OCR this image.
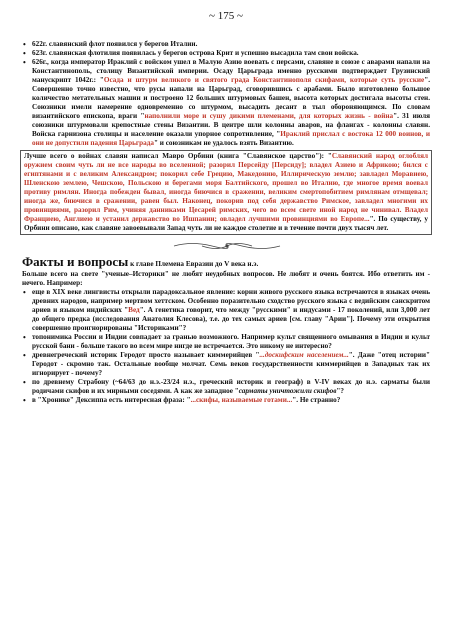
~ 175 ~
• 622г. славянский флот появился у берегов Италии.
• 623г. славянская флотилия появилась у берегов острова Крит и успешно высадила там свои войска.
• 626г., когда император Ираклий с войском ушел в Малую Азию воевать с персами, славяне в союзе с аварами напали на Константинополь, столицу Византийской империи. Осаду Царьграда именно русскими подтверждает Грузинский манускрипт 1042г.: "Осада и штурм великого и святого града Константинополя скифами, которые суть русские". Совершенно точно известно, что русы напали на Царьград, сговорившись с арабами. Было изготовлено большое количество метательных машин и построено 12 больших штурмовых башен, высота которых достигала высоты стен. Союзники имели намерение одновременно со штурмом, высадить десант в тыл обороняющимся. По словам византийского епископа, враги "наполнили море и сушу дикими племенами, для которых жизнь - война". 31 июля союзники штурмовали крепостные стены Византии. В центре шли колонны аваров, на флангах - колонны славян. Войска гарнизона столицы и население оказали упорное сопротивление, "Ираклий прислал с востока 12 000 воинов, и они не допустили падения Царьграда" и союзникам не удалось взять Византию.
Лучше всего о войнах славян написал Мавро Орбини (книга "Славянское царство"): "Славянский народ оглоблял оружием своим чуть ли не все народы во вселенной; разорил Персейду [Персиду]; владел Азиею и Африкою; бился с египтянами и с великим Александром; покорил себе Грецию, Македонию, Иллирическую землю; завладел Моравиею, Шленскою землею, Чешскою, Польскою и берегами моря Балтийского, прошел во Италию, где многое время воевал противу римлян. Иногда побежден бывал, иногда биючися в сражении, великим смертопобитием римлянам отмщевал; иногда же, биючися в сражении, равен был. Наконец, покорив под себя державство Римское, завладел многими их провинциями, разорил Рим, учиняя данниками Цесарей римских, чего во всем свете иной народ не чинивал. Владел Франциею, Англиею и устанил державство во Ишпании; овладел лучшими провинциями во Европе...". По существу, у Орбини описано, как славяне завоевывали Запад чуть ли не каждое столетие и в течение почти двух тысяч лет.
Факты и вопросы к главе Племена Евразии до V века н.э.

Больше всего на свете "ученые–Историки" не любят неудобных вопросов. Не любят и очень боятся. Ибо ответить им - нечего. Например:

• еще в XIX веке лингвисты открыли парадоксальное явление: корни живого русского языка встречаются в языках очень древних народов, например мертвом хеттском. Особенно поразительно сходство русского языка с ведийским санскритом ариев и языком индийских "Вед". А генетика говорит, что между "русскими" и индусами - 17 поколений, или 3,000 лет до общего предка (исследования Анатолия Клесова), т.е. до тех самых ариев [см. главу "Арии"]. Почему эти открытия совершенно проигнорированы "Историками"?
• топонимика России и Индии совпадает за гранью возможного. Например культ священного омывания в Индии и культ русской бани - больше такого во всем мире нигде не встречается. Это никому не интересно?
• древнегреческий историк Геродот просто называет киммерийцев "...доскифским населением...". Даже "отец истории" Геродот - скромно так. Остальные вообще молчат. Семь веков государственности киммерийцев в Западных так их игнорирует - почему?
• по древнему Страбону (~64/63 до н.э.-23/24 н.э., греческий историк и географ) в V-IV веках до н.э. сарматы были родичами скифов и их мирными соседями. А как же западное "сарматы уничтожили скифов"?
• в "Хронике" Дексиппа есть интересная фраза: "...скифы, называемые готами...". Не странно?
